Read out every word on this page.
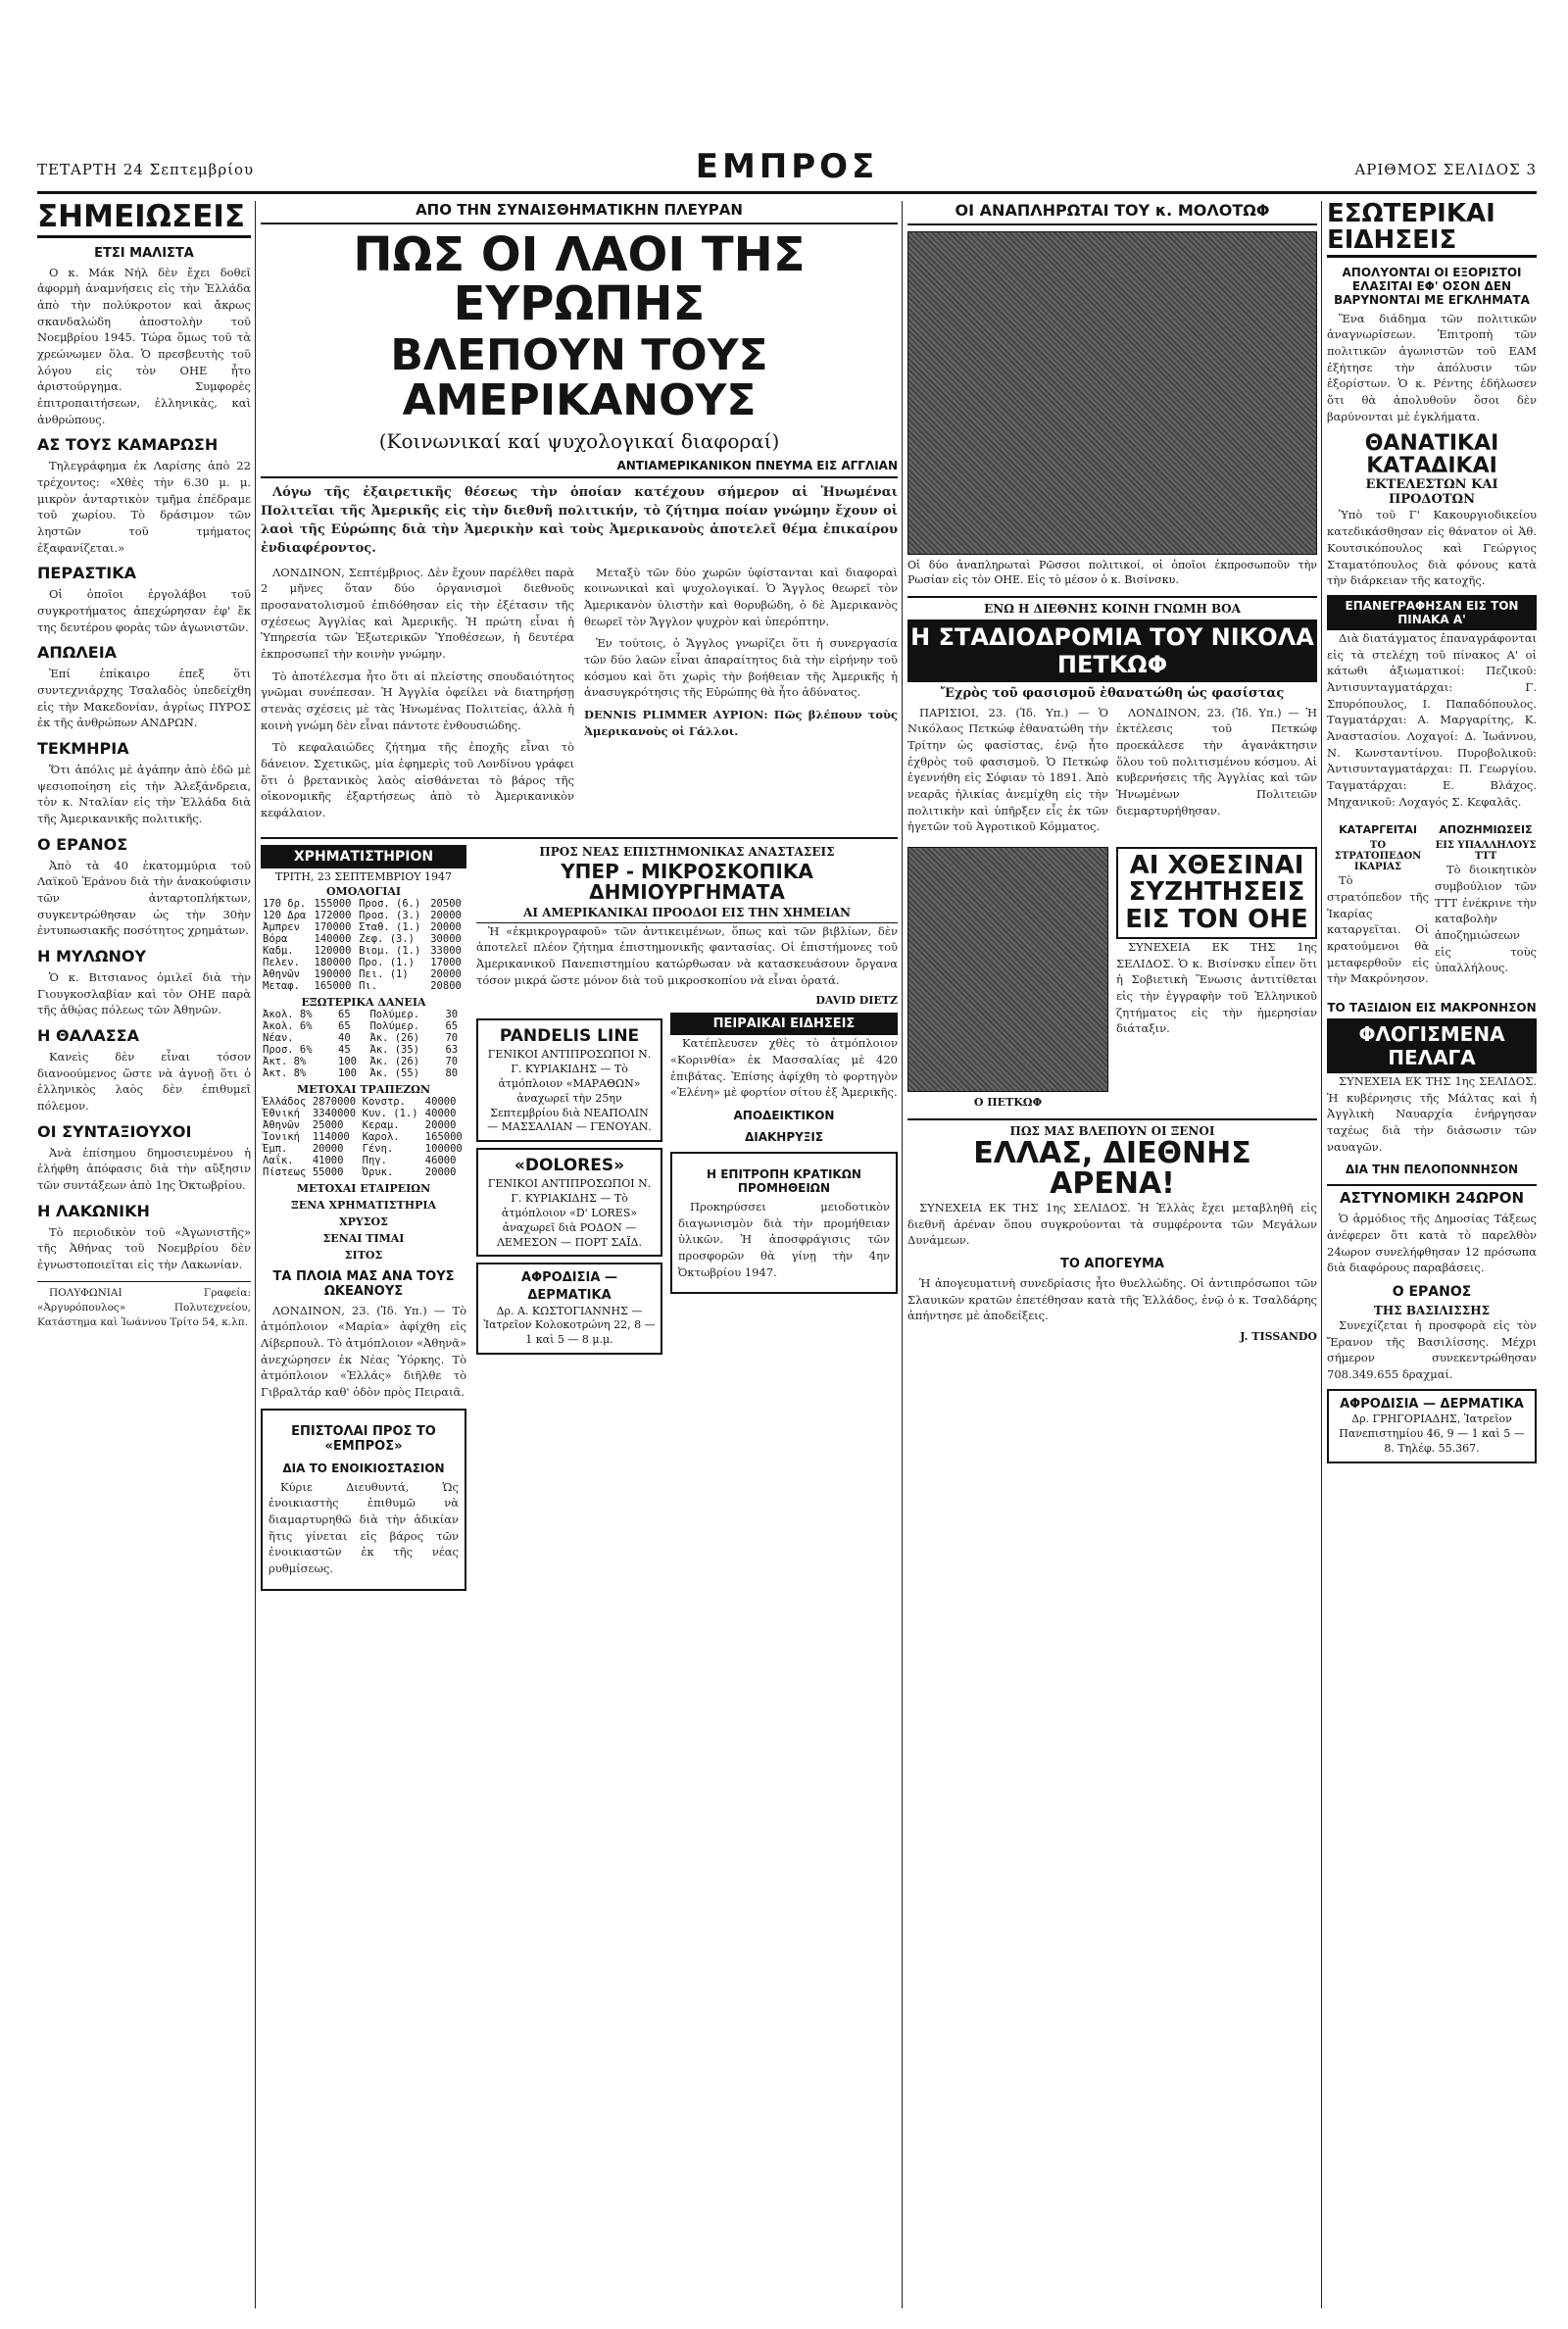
ΤΕΤΑΡΤΗ 24 Σεπτεμβρίου	ΕΜΠΡΟΣ	ΑΡΙΘΜΟΣ ΣΕΛΙΔΟΣ 3
ΣΗΜΕΙΩΣΕΙΣ
ΕΤΣΙ ΜΑΛΙΣΤΑ

Ο κ. Μάκ Νήλ δὲν ἔχει δοθεῖ ἀφορμὴ ἀναμνήσεις εἰς τὴν Ἑλλάδα ἀπὸ τὴν πολύκροτον καὶ ἄκρως σκανδαλώδη ἀποστολὴν τοῦ Νοεμβρίου 1945. Τώρα ὅμως τοῦ τὰ χρεώνωμεν ὅλα. Ὁ πρεσβευτὴς τοῦ λόγου εἰς τὸν ΟΗΕ ἦτο ἀριστούργημα. Συμφορὲς ἐπιτροπαιτήσεων, ἐλληνικὰς, καὶ ἀνθρώπους.

ΑΣ ΤΟΥΣ ΚΑΜΑΡΩΣΗ

Τηλεγράφημα ἐκ Λαρίσης ἀπὸ 22 τρέχοντος: «Χθὲς τὴν 6.30 μ. μ. μικρὸν ἀνταρτικὸν τμῆμα ἐπέδραμε τοῦ χωρίου. Τὸ δράσιμον τῶν ληστῶν τοῦ τμήματος ἐξαφανίζεται.»

ΠΕΡΑΣΤΙΚΑ

Οἱ ὁποῖοι ἐργολάβοι τοῦ συγκροτήματος ἀπεχώρησαν ἐφ' ἔκ της δευτέρου φορὰς τῶν ἀγωνιστῶν.

ΑΠΩΛΕΙΑ

Ἐπί ἐπίκαιρο ἐπεξ ὅτι συντεχνιάρχης Τσαλαδὸς ὑπεδείχθη εἰς τὴν Μακεδονίαν, ἀγρίως ΠΥΡΟΣ ἐκ τῆς ἀνθρώπων ΑΝΔΡΩΝ.

ΤΕΚΜΗΡΙΑ

Ὅτι ἀπόλις μὲ ἀγάπην ἀπὸ ἐδῶ μὲ ψεσιοποίηση εἰς τὴν Ἀλεξάνδρεια, τὸν κ. Νταλίαν εἰς τὴν Ἑλλάδα διὰ τῆς Ἀμερικανικῆς πολιτικῆς.

Ο ΕΡΑΝΟΣ

Ἀπὸ τὰ 40 ἑκατομμύρια τοῦ Λαϊκοῦ Ἐράνου διὰ τὴν ἀνακούφισιν τῶν ἀνταρτοπλήκτων, συγκεντρώθησαν ὡς τὴν 30ὴν ἐντυπωσιακῆς ποσότητος χρημάτων.

Η ΜΥΛΩΝΟΥ

Ὁ κ. Βιτσιανος ὁμιλεῖ διὰ τὴν Γιουγκοσλαβίαν καὶ τὸν ΟΗΕ παρὰ τῆς ἀθῴας πόλεως τῶν Ἀθηνῶν.

Η ΘΑΛΑΣΣΑ

Κανεὶς δὲν εἶναι τόσον διανοούμενος ὥστε νὰ ἀγνοῇ ὅτι ὁ ἑλληνικὸς λαὸς δὲν ἐπιθυμεῖ πόλεμον.

ΟΙ ΣΥΝΤΑΞΙΟΥΧΟΙ

Ἀνὰ ἐπίσημου δημοσιευμένου ἡ ἐλήφθη ἀπόφασις διὰ τὴν αὔξησιν τῶν συντάξεων ἀπὸ 1ης Ὀκτωβρίου.

Η ΛΑΚΩΝΙΚΗ

Τὸ περιοδικὸν τοῦ «Ἀγωνιστῆς» τῆς Ἀθήνας τοῦ Νοεμβρίου δὲν ἐγνωστοποιεῖται εἰς τὴν Λακωνίαν.

ΠΟΛΥΦΩΝΙΑΙ Γραφεία: «Ἀργυρόπουλος» Πολυτεχνείου, Κατάστημα καὶ Ἰωάννου Τρίτο 54, κ.λπ.

ΑΠΟ ΤΗΝ ΣΥΝΑΙΣΘΗΜΑΤΙΚΗΝ ΠΛΕΥΡΑΝ
ΠΩΣ ΟΙ ΛΑΟΙ ΤΗΣ ΕΥΡΩΠΗΣ
ΒΛΕΠΟΥΝ ΤΟΥΣ ΑΜΕΡΙΚΑΝΟΥΣ
(Κοινωνικαί καί ψυχολογικαί διαφοραί)
ΑΝΤΙΑΜΕΡΙΚΑΝΙΚΟΝ ΠΝΕΥΜΑ ΕΙΣ ΑΓΓΛΙΑΝ

Λόγω τῆς ἐξαιρετικῆς θέσεως τὴν ὁποίαν κατέχουν σήμερον αἱ Ἡνωμέναι Πολιτεῖαι τῆς Ἀμερικῆς εἰς τὴν διεθνῆ πολιτικήν, τὸ ζήτημα ποίαν γνώμην ἔχουν οἱ λαοὶ τῆς Εὐρώπης διὰ τὴν Ἀμερικὴν καὶ τοὺς Ἀμερικανοὺς ἀποτελεῖ θέμα ἐπικαίρου ἐνδιαφέροντος.

ΛΟΝΔΙΝΟΝ, Σεπτέμβριος. Δὲν ἔχουν παρέλθει παρὰ 2 μῆνες ὅταν δύο ὀργανισμοὶ διεθνοῦς προσανατολισμοῦ ἐπιδόθησαν εἰς τὴν ἐξέτασιν τῆς σχέσεως Ἀγγλίας καὶ Ἀμερικῆς. Ἡ πρώτη εἶναι ἡ Ὑπηρεσία τῶν Ἐξωτερικῶν Ὑποθέσεων, ἡ δευτέρα ἐκπροσωπεῖ τὴν κοινὴν γνώμην.

Τὸ ἀποτέλεσμα ἦτο ὅτι αἱ πλείστης σπουδαιότητος γνῶμαι συνέπεσαν. Ἡ Ἀγγλία ὀφείλει νὰ διατηρήσῃ στενὰς σχέσεις μὲ τὰς Ἡνωμένας Πολιτείας, ἀλλὰ ἡ κοινὴ γνώμη δὲν εἶναι πάντοτε ἐνθουσιώδης.

Τὸ κεφαλαιώδες ζήτημα τῆς ἐποχῆς εἶναι τὸ δάνειον. Σχετικῶς, μία ἐφημερὶς τοῦ Λονδίνου γράφει ὅτι ὁ βρετανικὸς λαὸς αἰσθάνεται τὸ βάρος τῆς οἰκονομικῆς ἐξαρτήσεως ἀπὸ τὸ Ἀμερικανικὸν κεφάλαιον.

Μεταξὺ τῶν δύο χωρῶν ὑφίστανται καὶ διαφοραὶ κοινωνικαὶ καὶ ψυχολογικαί. Ὁ Ἄγγλος θεωρεῖ τὸν Ἀμερικανὸν ὑλιστὴν καὶ θορυβώδη, ὁ δὲ Ἀμερικανὸς θεωρεῖ τὸν Ἄγγλον ψυχρὸν καὶ ὑπερόπτην.

Ἐν τούτοις, ὁ Ἄγγλος γνωρίζει ὅτι ἡ συνεργασία τῶν δύο λαῶν εἶναι ἀπαραίτητος διὰ τὴν εἰρήνην τοῦ κόσμου καὶ ὅτι χωρὶς τὴν βοήθειαν τῆς Ἀμερικῆς ἡ ἀνασυγκρότησις τῆς Εὐρώπης θὰ ἦτο ἀδύνατος.

DENNIS PLIMMER ΑΥΡΙΟΝ: Πῶς βλέπουν τοὺς Ἀμερικανοὺς οἱ Γάλλοι.

ΧΡΗΜΑΤΙΣΤΗΡΙΟΝ
ΤΡΙΤΗ, 23 ΣΕΠΤΕΜΒΡΙΟΥ 1947
ΟΜΟΛΟΓΙΑΙ
170 δρ.	155000	Προσ. (6.)	20500
120 Δρα	172000	Προσ. (3.)	20000
Ἀμπρεν	170000	Σταθ. (1.)	20000
Βόρα	140000	Ζεφ. (3.)	30000
Καδμ.	120000	Βιομ. (1.)	33000
Πελεν.	180000	Προ. (1.)	17000
Ἀθηνῶν	190000	Πει. (1)	20000
Μεταφ.	165000	Πι.	20800
ΕΞΩΤΕΡΙΚΑ ΔΑΝΕΙΑ
Ἀκολ. 8%	65	Πολύμερ.	30
Ἀκολ. 6%	65	Πολύμερ.	65
Νέαν.	40	Ἀκ. (26)	70
Προσ. 6%	45	Ἀκ. (35)	63
Ἀκτ. 8%	100	Ἀκ. (26)	70
Ἀκτ. 8%	100	Ἀκ. (55)	80
ΜΕΤΟΧΑΙ ΤΡΑΠΕΖΩΝ
Ἑλλάδος	2870000	Κονστρ.	40000
Ἐθνική	3340000	Κυν. (1.)	40000
Ἀθηνῶν	25000	Κεραμ.	20000
Ἱονική	114000	Καρολ.	165000
Ἐμπ.	20000	Γένη.	100000
Λαΐκ.	41000	Πηγ.	46000
Πίστεως	55000	Ὀρυκ.	20000
ΜΕΤΟΧΑΙ ΕΤΑΙΡΕΙΩΝ
ΞΕΝΑ ΧΡΗΜΑΤΙΣΤΗΡΙΑ
ΧΡΥΣΟΣ
ΣΕΝΑΙ ΤΙΜΑΙ
ΣΙΤΟΣ
ΤΑ ΠΛΟΙΑ ΜΑΣ ΑΝΑ ΤΟΥΣ ΩΚΕΑΝΟΥΣ

ΛΟΝΔΙΝΟΝ, 23. (Ἰδ. Υπ.) — Τὸ ἀτμόπλοιον «Μαρία» ἀφίχθη εἰς Λίβερπουλ. Τὸ ἀτμόπλοιον «Ἀθηνᾶ» ἀνεχώρησεν ἐκ Νέας Ὑόρκης. Τὸ ἀτμόπλοιον «Ἑλλάς» διῆλθε τὸ Γιβραλτάρ καθ' ὁδὸν πρὸς Πειραιᾶ.

ΕΠΙΣΤΟΛΑΙ ΠΡΟΣ ΤΟ «ΕΜΠΡΟΣ»
ΔΙΑ ΤΟ ΕΝΟΙΚΙΟΣΤΑΣΙΟΝ

Κύριε Διευθυντά, Ὡς ἐνοικιαστὴς ἐπιθυμῶ νὰ διαμαρτυρηθῶ διὰ τὴν ἀδικίαν ἥτις γίνεται εἰς βάρος τῶν ἐνοικιαστῶν ἐκ τῆς νέας ρυθμίσεως.

ΠΡΟΣ ΝΕΑΣ ΕΠΙΣΤΗΜΟΝΙΚΑΣ ΑΝΑΣΤΑΣΕΙΣ
ΥΠΕΡ - ΜΙΚΡΟΣΚΟΠΙΚΑ ΔΗΜΙΟΥΡΓΗΜΑΤΑ
ΑΙ ΑΜΕΡΙΚΑΝΙΚΑΙ ΠΡΟΟΔΟΙ ΕΙΣ ΤΗΝ ΧΗΜΕΙΑΝ

Ἡ «ἐκμικρογραφοῦ» τῶν ἀντικειμένων, ὅπως καὶ τῶν βιβλίων, δὲν ἀποτελεῖ πλέον ζήτημα ἐπιστημονικῆς φαντασίας. Οἱ ἐπιστήμονες τοῦ Ἀμερικανικοῦ Πανεπιστημίου κατώρθωσαν νὰ κατασκευάσουν ὄργανα τόσον μικρά ὥστε μόνον διὰ τοῦ μικροσκοπίου νὰ εἶναι ὁρατά.

DAVID DIETZ
PANDELIS LINE
ΓΕΝΙΚΟΙ ΑΝΤΙΠΡΟΣΩΠΟΙ Ν. Γ. ΚΥΡΙΑΚΙΔΗΣ — Τὸ ἀτμόπλοιον «ΜΑΡΑΘΩΝ» ἀναχωρεῖ τὴν 25ην Σεπτεμβρίου διὰ ΝΕΑΠΟΛΙΝ — ΜΑΣΣΑΛΙΑΝ — ΓΕΝΟΥΑΝ.
«DOLORES»
ΓΕΝΙΚΟΙ ΑΝΤΙΠΡΟΣΩΠΟΙ Ν. Γ. ΚΥΡΙΑΚΙΔΗΣ — Τὸ ἀτμόπλοιον «D' LORES» ἀναχωρεῖ διὰ ΡΟΔΟΝ — ΛΕΜΕΣΟΝ — ΠΟΡΤ ΣΑΪΔ.
ΑΦΡΟΔΙΣΙΑ — ΔΕΡΜΑΤΙΚΑ
Δρ. Α. ΚΩΣΤΟΓΙΑΝΝΗΣ — Ἰατρεῖον Κολοκοτρώνη 22, 8 — 1 καὶ 5 — 8 μ.μ.
ΠΕΙΡΑΙΚΑΙ ΕΙΔΗΣΕΙΣ

Κατέπλευσεν χθὲς τὸ ἀτμόπλοιον «Κορινθία» ἐκ Μασσαλίας μὲ 420 ἐπιβάτας. Ἐπίσης ἀφίχθη τὸ φορτηγὸν «Ἑλένη» μὲ φορτίον σίτου ἐξ Ἀμερικῆς.

ΑΠΟΔΕΙΚΤΙΚΟΝ
ΔΙΑΚΗΡΥΞΙΣ
Η ΕΠΙΤΡΟΠΗ ΚΡΑΤΙΚΩΝ ΠΡΟΜΗΘΕΙΩΝ

Προκηρύσσει μειοδοτικὸν διαγωνισμὸν διὰ τὴν προμήθειαν ὑλικῶν. Ἡ ἀποσφράγισις τῶν προσφορῶν θὰ γίνῃ τὴν 4ην Ὀκτωβρίου 1947.

ΟΙ ΑΝΑΠΛΗΡΩΤΑΙ ΤΟΥ κ. ΜΟΛΟΤΩΦ
Οἱ δύο ἀναπληρωταὶ Ρῶσσοι πολιτικοί, οἱ ὁποῖοι ἐκπροσωποῦν τὴν Ρωσίαν εἰς τὸν ΟΗΕ. Εἰς τὸ μέσον ὁ κ. Βισίνσκυ.
ΕΝΩ Η ΔΙΕΘΝΗΣ ΚΟΙΝΗ ΓΝΩΜΗ ΒΟΑ
Η ΣΤΑΔΙΟΔΡΟΜΙΑ ΤΟΥ ΝΙΚΟΛΑ ΠΕΤΚΩΦ
Ἔχρὸς τοῦ φασισμοῦ ἐθανατώθη ὡς φασίστας

ΠΑΡΙΣΙΟΙ, 23. (Ἰδ. Υπ.) — Ὁ Νικόλαος Πετκώφ ἐθανατώθη τὴν Τρίτην ὡς φασίστας, ἐνῷ ἦτο ἐχθρὸς τοῦ φασισμοῦ. Ὁ Πετκώφ ἐγεννήθη εἰς Σόφιαν τὸ 1891. Ἀπὸ νεαρᾶς ἡλικίας ἀνεμίχθη εἰς τὴν πολιτικὴν καὶ ὑπῆρξεν εἷς ἐκ τῶν ἡγετῶν τοῦ Ἀγροτικοῦ Κόμματος.

ΛΟΝΔΙΝΟΝ, 23. (Ἰδ. Υπ.) — Ἡ ἐκτέλεσις τοῦ Πετκώφ προεκάλεσε τὴν ἀγανάκτησιν ὅλου τοῦ πολιτισμένου κόσμου. Αἱ κυβερνήσεις τῆς Ἀγγλίας καὶ τῶν Ἡνωμένων Πολιτειῶν διεμαρτυρήθησαν.

Ο ΠΕΤΚΩΦ
ΑΙ ΧΘΕΣΙΝΑΙ ΣΥΖΗΤΗΣΕΙΣ ΕΙΣ ΤΟΝ ΟΗΕ

ΣΥΝΕΧΕΙΑ ΕΚ ΤΗΣ 1ης ΣΕΛΙΔΟΣ. Ὁ κ. Βισίνσκυ εἶπεν ὅτι ἡ Σοβιετικὴ Ἕνωσις ἀντιτίθεται εἰς τὴν ἐγγραφὴν τοῦ Ἑλληνικοῦ ζητήματος εἰς τὴν ἡμερησίαν διάταξιν.

ΠΩΣ ΜΑΣ ΒΛΕΠΟΥΝ ΟΙ ΞΕΝΟΙ
ΕΛΛΑΣ, ΔΙΕΘΝΗΣ ΑΡΕΝΑ!

ΣΥΝΕΧΕΙΑ ΕΚ ΤΗΣ 1ης ΣΕΛΙΔΟΣ. Ἡ Ἑλλὰς ἔχει μεταβληθῆ εἰς διεθνῆ ἀρέναν ὅπου συγκρούονται τὰ συμφέροντα τῶν Μεγάλων Δυνάμεων.

ΤΟ ΑΠΟΓΕΥΜΑ

Ἡ ἀπογευματινὴ συνεδρίασις ἦτο θυελλώδης. Οἱ ἀντιπρόσωποι τῶν Σλαυικῶν κρατῶν ἐπετέθησαν κατὰ τῆς Ἑλλάδος, ἐνῷ ὁ κ. Τσαλδάρης ἀπήντησε μὲ ἀποδείξεις.

J. TISSANDO
ΕΣΩΤΕΡΙΚΑΙ ΕΙΔΗΣΕΙΣ
ΑΠΟΛΥΟΝΤΑΙ ΟΙ ΕΞΟΡΙΣΤΟΙ ΕΛΑΣΙΤΑΙ ΕΦ' ΟΣΟΝ ΔΕΝ ΒΑΡΥΝΟΝΤΑΙ ΜΕ ΕΓΚΛΗΜΑΤΑ

Ἕνα διάδημα τῶν πολιτικῶν ἀναγνωρίσεων. Ἐπιτροπὴ τῶν πολιτικῶν ἀγωνιστῶν τοῦ ΕΑΜ ἐξήτησε τὴν ἀπόλυσιν τῶν ἐξορίστων. Ὁ κ. Ρέντης ἐδήλωσεν ὅτι θὰ ἀπολυθοῦν ὅσοι δὲν βαρύνονται μὲ ἐγκλήματα.

ΘΑΝΑΤΙΚΑΙ ΚΑΤΑΔΙΚΑΙ
ΕΚΤΕΛΕΣΤΩΝ ΚΑΙ ΠΡΟΔΟΤΩΝ

Ὑπὸ τοῦ Γ' Κακουργιοδικείου κατεδικάσθησαν εἰς θάνατον οἱ Ἀθ. Κουτσικόπουλος καὶ Γεώργιος Σταματόπουλος διὰ φόνους κατὰ τὴν διάρκειαν τῆς κατοχῆς.

ΕΠΑΝΕΓΡΑΦΗΣΑΝ ΕΙΣ ΤΟΝ ΠΙΝΑΚΑ Α'

Διὰ διατάγματος ἐπαναγράφονται εἰς τὰ στελέχη τοῦ πίνακος Α' οἱ κάτωθι ἀξιωματικοί: Πεζικοῦ: Ἀντισυνταγματάρχαι: Γ. Σπυρόπουλος, Ι. Παπαδόπουλος. Ταγματάρχαι: Α. Μαργαρίτης, Κ. Ἀναστασίου. Λοχαγοί: Δ. Ἰωάννου, Ν. Κωνσταντίνου. Πυροβολικοῦ: Ἀντισυνταγματάρχαι: Π. Γεωργίου. Ταγματάρχαι: Ε. Βλάχος. Μηχανικοῦ: Λοχαγός Σ. Κεφαλᾶς.

ΚΑΤΑΡΓΕΙΤΑΙ
ΤΟ ΣΤΡΑΤΟΠΕΔΟΝ ΙΚΑΡΙΑΣ

Τὸ στρατόπεδον τῆς Ἰκαρίας καταργεῖται. Οἱ κρατούμενοι θὰ μεταφερθοῦν εἰς τὴν Μακρόνησον.

ΑΠΟΖΗΜΙΩΣΕΙΣ
ΕΙΣ ΥΠΑΛΛΗΛΟΥΣ ΤΤΤ

Τὸ διοικητικὸν συμβούλιον τῶν ΤΤΤ ἐνέκρινε τὴν καταβολὴν ἀποζημιώσεων εἰς τοὺς ὑπαλλήλους.

ΤΟ ΤΑΞΙΔΙΟΝ ΕΙΣ ΜΑΚΡΟΝΗΣΟΝ
ΦΛΟΓΙΣΜΕΝΑ ΠΕΛΑΓΑ

ΣΥΝΕΧΕΙΑ ΕΚ ΤΗΣ 1ης ΣΕΛΙΔΟΣ. Ἡ κυβέρνησις τῆς Μάλτας καὶ ἡ Ἀγγλικὴ Ναυαρχία ἐνήργησαν ταχέως διὰ τὴν διάσωσιν τῶν ναυαγῶν.

ΔΙΑ ΤΗΝ ΠΕΛΟΠΟΝΝΗΣΟΝ
ΑΣΤΥΝΟΜΙΚΗ 24ΩΡΟΝ

Ὁ ἀρμόδιος τῆς Δημοσίας Τάξεως ἀνέφερεν ὅτι κατὰ τὸ παρελθὸν 24ωρον συνελήφθησαν 12 πρόσωπα διὰ διαφόρους παραβάσεις.

Ο ΕΡΑΝΟΣ
ΤΗΣ ΒΑΣΙΛΙΣΣΗΣ

Συνεχίζεται ἡ προσφορὰ εἰς τὸν Ἔρανον τῆς Βασιλίσσης. Μέχρι σήμερον συνεκεντρώθησαν 708.349.655 δραχμαί.

ΑΦΡΟΔΙΣΙΑ — ΔΕΡΜΑΤΙΚΑ
Δρ. ΓΡΗΓΟΡΙΑΔΗΣ, Ἰατρεῖον Πανεπιστημίου 46, 9 — 1 καὶ 5 — 8. Τηλέφ. 55.367.
